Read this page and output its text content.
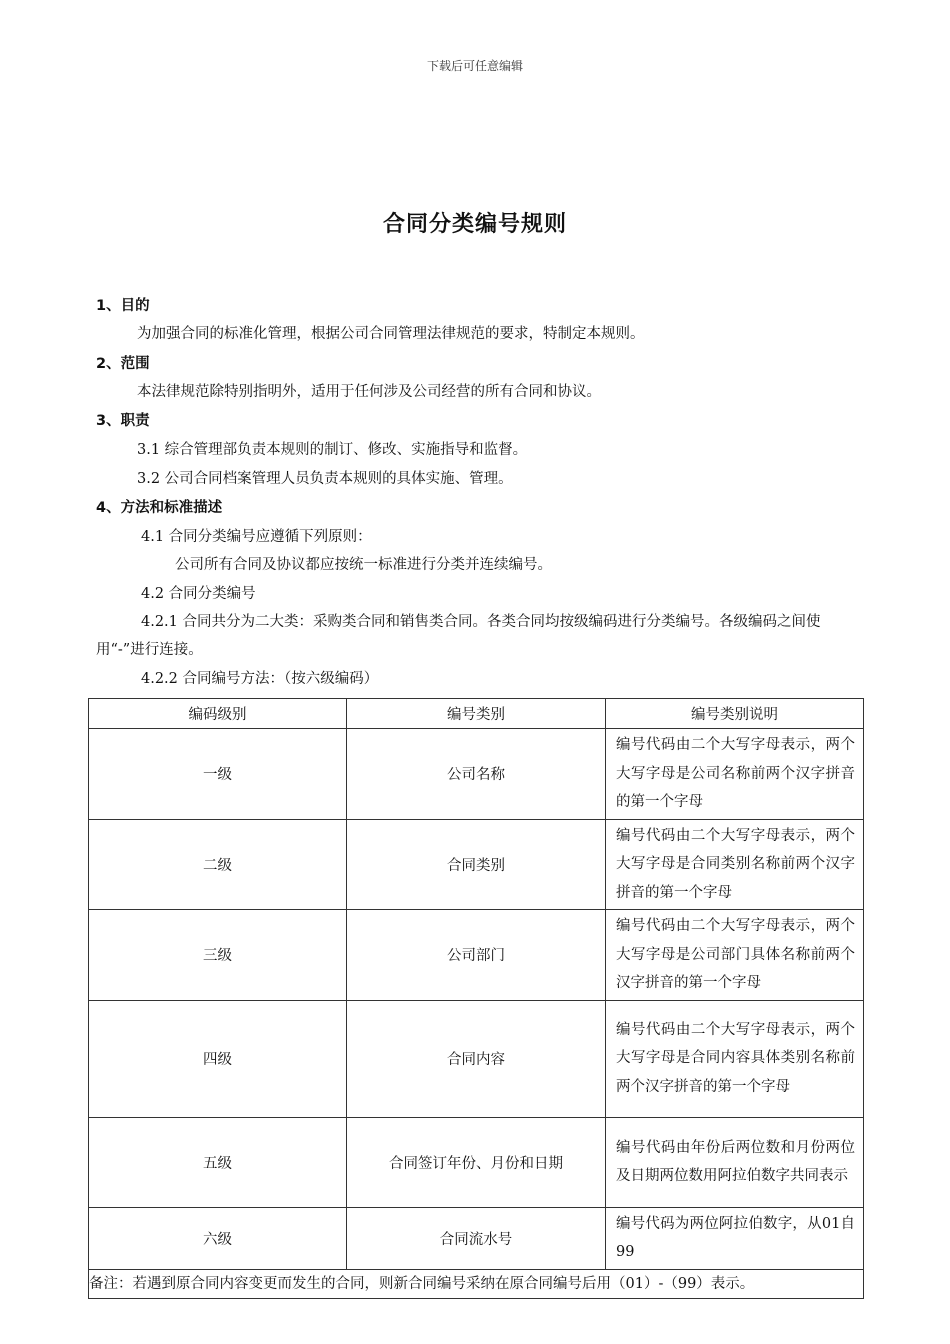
下载后可任意编辑
合同分类编号规则
1、目的
为加强合同的标准化管理，根据公司合同管理法律规范的要求，特制定本规则。
2、范围
本法律规范除特别指明外，适用于任何涉及公司经营的所有合同和协议。
3、职责
3.1 综合管理部负责本规则的制订、修改、实施指导和监督。
3.2 公司合同档案管理人员负责本规则的具体实施、管理。
4、方法和标准描述
4.1 合同分类编号应遵循下列原则：
公司所有合同及协议都应按统一标准进行分类并连续编号。
4.2 合同分类编号
4.2.1 合同共分为二大类：采购类合同和销售类合同。各类合同均按级编码进行分类编号。各级编码之间使用“-”进行连接。
4.2.2 合同编号方法：（按六级编码）
编码级别	编号类别	编号类别说明
一级	公司名称	编号代码由二个大写字母表示，两个大写字母是公司名称前两个汉字拼音的第一个字母
二级	合同类别	编号代码由二个大写字母表示，两个大写字母是合同类别名称前两个汉字拼音的第一个字母
三级	公司部门	编号代码由二个大写字母表示，两个大写字母是公司部门具体名称前两个汉字拼音的第一个字母
四级	合同内容	编号代码由二个大写字母表示，两个大写字母是合同内容具体类别名称前两个汉字拼音的第一个字母
五级	合同签订年份、月份和日期	编号代码由年份后两位数和月份两位及日期两位数用阿拉伯数字共同表示
六级	合同流水号	编号代码为两位阿拉伯数字，从01自99
备注：若遇到原合同内容变更而发生的合同，则新合同编号采纳在原合同编号后用（01）-（99）表示。		
